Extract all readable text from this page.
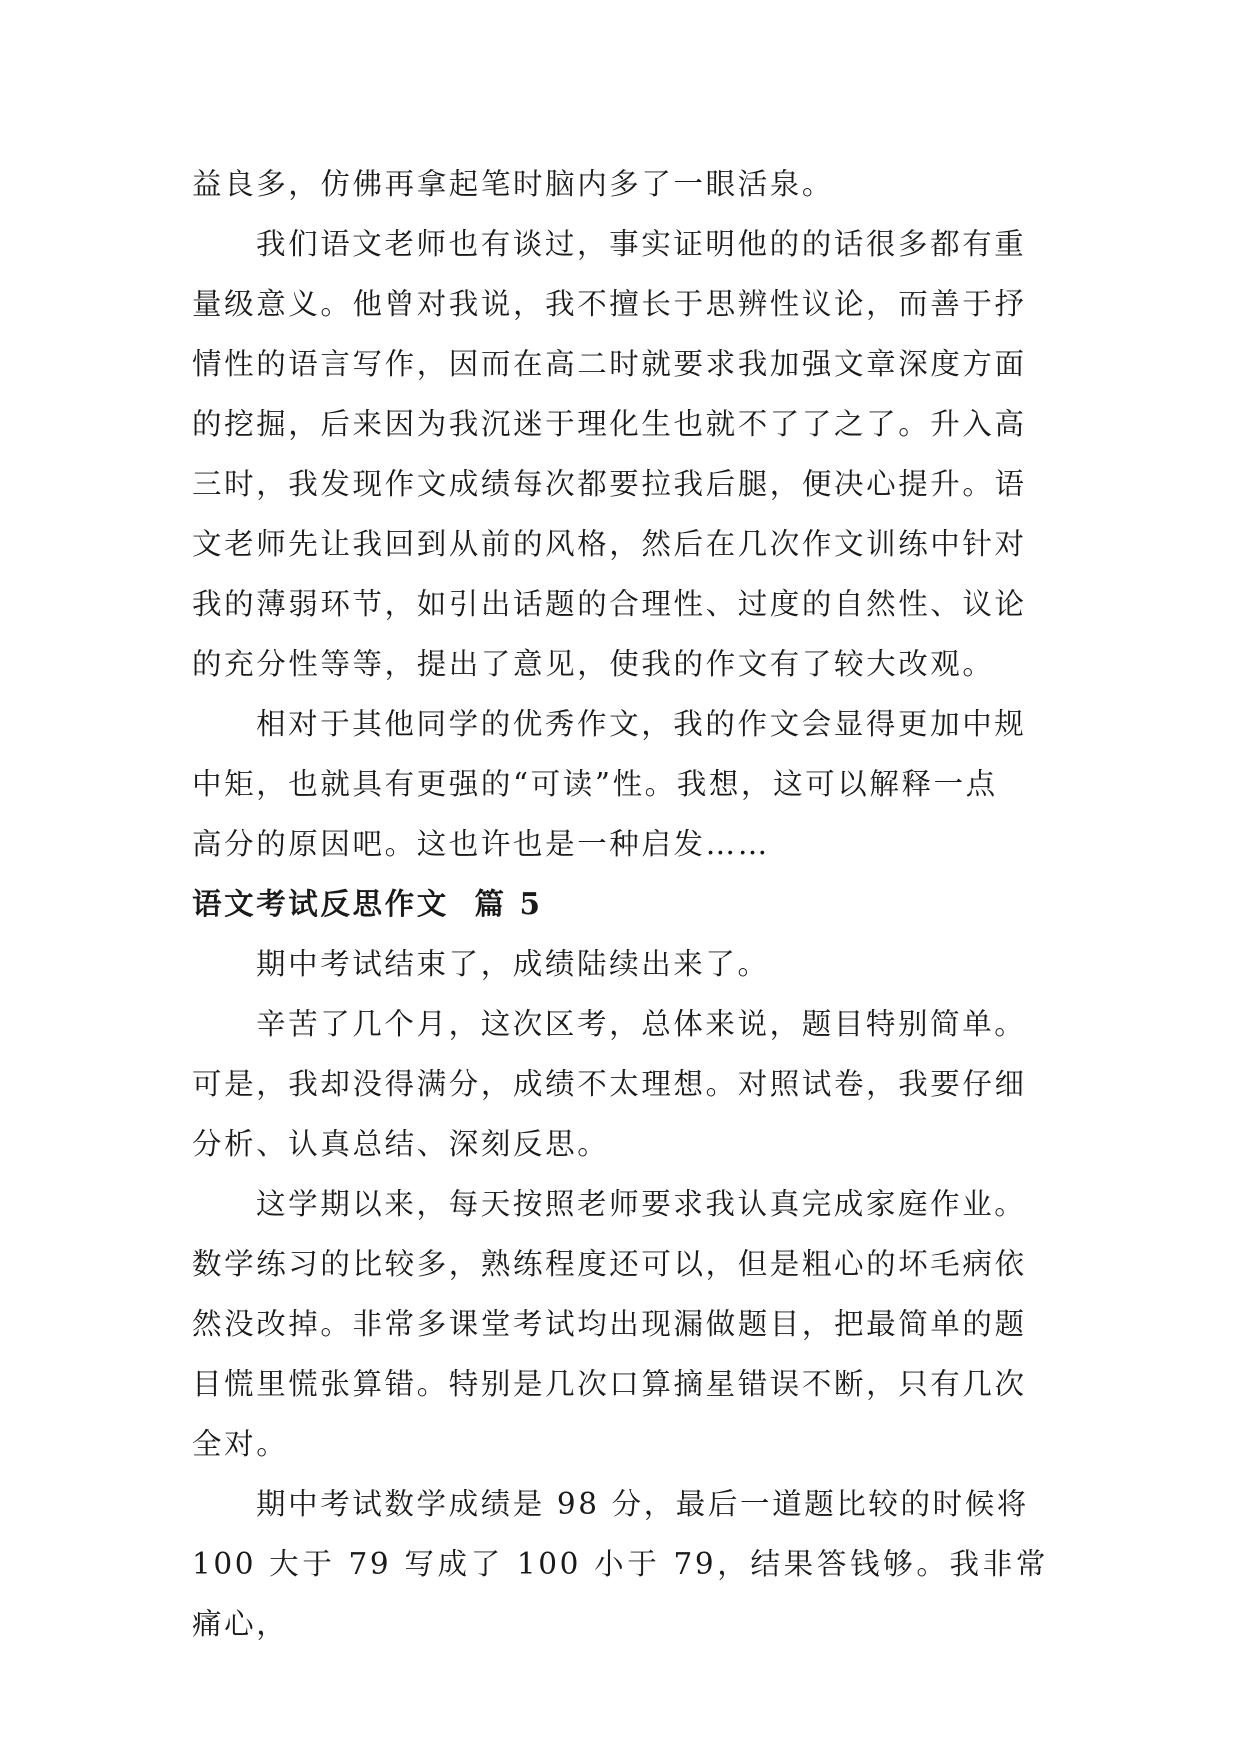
益良多，仿佛再拿起笔时脑内多了一眼活泉。

我们语文老师也有谈过，事实证明他的的话很多都有重
量级意义。他曾对我说，我不擅长于思辨性议论，而善于抒
情性的语言写作，因而在高二时就要求我加强文章深度方面
的挖掘，后来因为我沉迷于理化生也就不了了之了。升入高
三时，我发现作文成绩每次都要拉我后腿，便决心提升。语
文老师先让我回到从前的风格，然后在几次作文训练中针对
我的薄弱环节，如引出话题的合理性、过度的自然性、议论
的充分性等等，提出了意见，使我的作文有了较大改观。

相对于其他同学的优秀作文，我的作文会显得更加中规
中矩，也就具有更强的“可读”性。我想，这可以解释一点
高分的原因吧。这也许也是一种启发……

语文考试反思作文  篇 5

期中考试结束了，成绩陆续出来了。

辛苦了几个月，这次区考，总体来说，题目特别简单。
可是，我却没得满分，成绩不太理想。对照试卷，我要仔细
分析、认真总结、深刻反思。

这学期以来，每天按照老师要求我认真完成家庭作业。
数学练习的比较多，熟练程度还可以，但是粗心的坏毛病依
然没改掉。非常多课堂考试均出现漏做题目，把最简单的题
目慌里慌张算错。特别是几次口算摘星错误不断，只有几次
全对。

期中考试数学成绩是 98 分，最后一道题比较的时候将
100 大于 79 写成了 100 小于 79，结果答钱够。我非常痛心，
